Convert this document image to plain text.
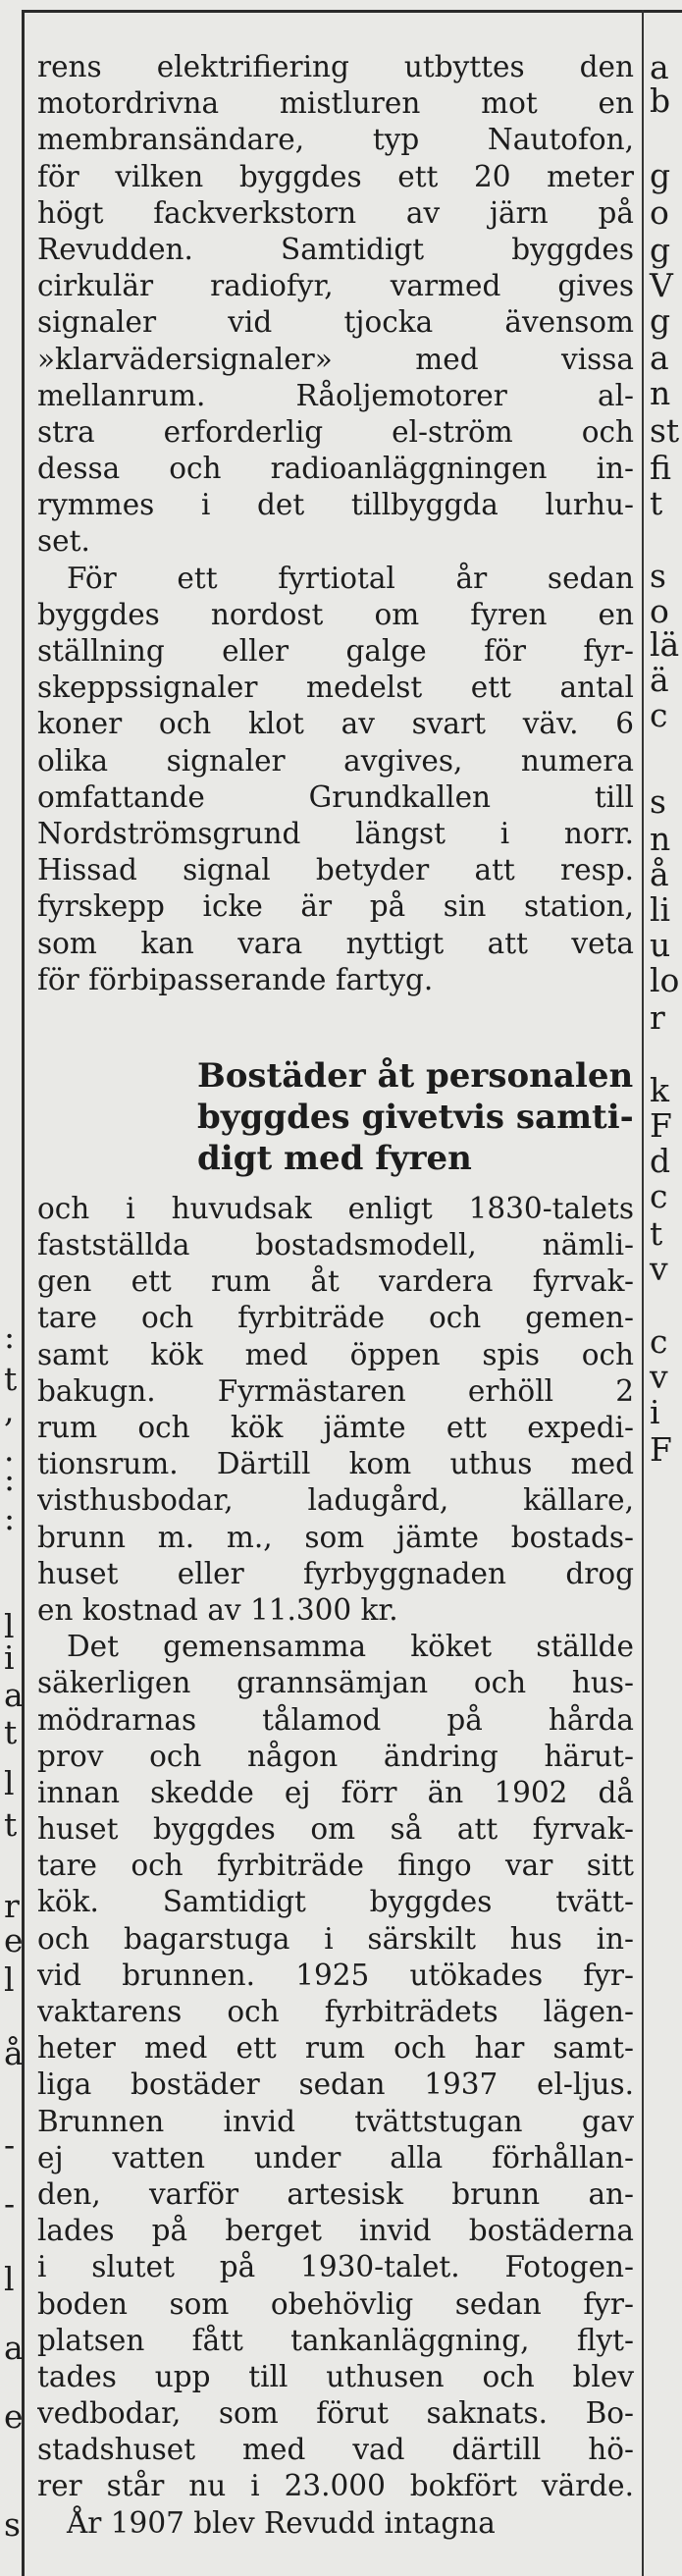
:
t
,
.
:
:
l
i
a
t
l
t
r
e
l
å
-
-
l
a
e
s
a
b
g
o
g
V
g
a
n
st
fi
t
s
o
lä
ä
c
s
n
å
li
u
lo
r
k
F
d
c
t
v
c
v
i
F

rens elektrifiering utbyttes den
motordrivna mistluren mot en
membransändare, typ Nautofon,
för vilken byggdes ett 20 meter
högt fackverkstorn av järn på
Revudden. Samtidigt byggdes
cirkulär radiofyr, varmed gives
signaler vid tjocka ävensom
»klarvädersignaler» med vissa
mellanrum. Råoljemotorer al-
stra erforderlig el-ström och
dessa och radioanläggningen in-
rymmes i det tillbyggda lurhu-
set.

För ett fyrtiotal år sedan
byggdes nordost om fyren en
ställning eller galge för fyr-
skeppssignaler medelst ett antal
koner och klot av svart väv. 6
olika signaler avgives, numera
omfattande Grundkallen till
Nordströmsgrund längst i norr.
Hissad signal betyder att resp.
fyrskepp icke är på sin station,
som kan vara nyttigt att veta
för förbipasserande fartyg.

Bostäder åt personalen
byggdes givetvis samti-
digt med fyren

och i huvudsak enligt 1830-talets
fastställda bostadsmodell, nämli-
gen ett rum åt vardera fyrvak-
tare och fyrbiträde och gemen-
samt kök med öppen spis och
bakugn. Fyrmästaren erhöll 2
rum och kök jämte ett expedi-
tionsrum. Därtill kom uthus med
visthusbodar, ladugård, källare,
brunn m. m., som jämte bostads-
huset eller fyrbyggnaden drog
en kostnad av 11.300 kr.

Det gemensamma köket ställde
säkerligen grannsämjan och hus-
mödrarnas tålamod på hårda
prov och någon ändring härut-
innan skedde ej förr än 1902 då
huset byggdes om så att fyrvak-
tare och fyrbiträde fingo var sitt
kök. Samtidigt byggdes tvätt-
och bagarstuga i särskilt hus in-
vid brunnen. 1925 utökades fyr-
vaktarens och fyrbiträdets lägen-
heter med ett rum och har samt-
liga bostäder sedan 1937 el-ljus.
Brunnen invid tvättstugan gav
ej vatten under alla förhållan-
den, varför artesisk brunn an-
lades på berget invid bostäderna
i slutet på 1930-talet. Fotogen-
boden som obehövlig sedan fyr-
platsen fått tankanläggning, flyt-
tades upp till uthusen och blev
vedbodar, som förut saknats. Bo-
stadshuset med vad därtill hö-
rer står nu i 23.000 bokfört värde.

År 1907 blev Revudd intagna
